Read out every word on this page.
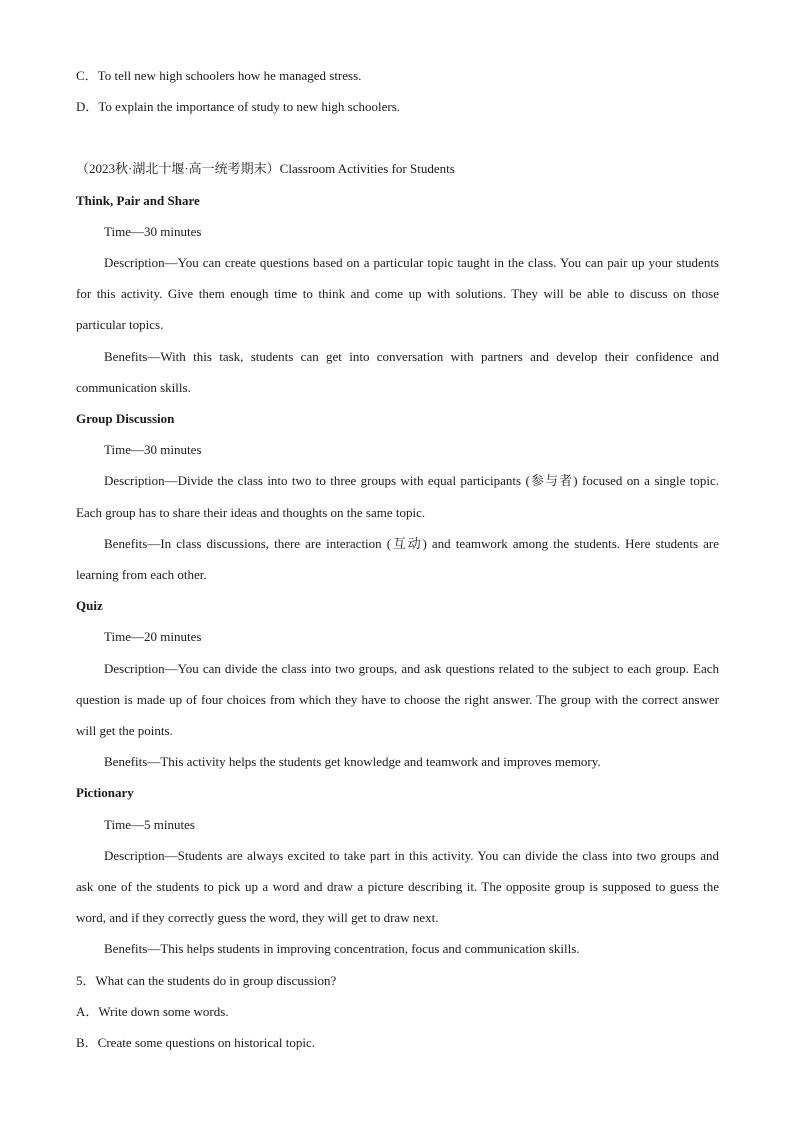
C．To tell new high schoolers how he managed stress.

D．To explain the importance of study to new high schoolers.

（2023秋·湖北十堰·高一统考期末）Classroom Activities for Students

Think, Pair and Share

Time—30 minutes

Description—You can create questions based on a particular topic taught in the class. You can pair up your students for this activity. Give them enough time to think and come up with solutions. They will be able to discuss on those particular topics.

Benefits—With this task, students can get into conversation with partners and develop their confidence and communication skills.

Group Discussion

Time—30 minutes

Description—Divide the class into two to three groups with equal participants (参与者) focused on a single topic. Each group has to share their ideas and thoughts on the same topic.

Benefits—In class discussions, there are interaction (互动) and teamwork among the students. Here students are learning from each other.

Quiz

Time—20 minutes

Description—You can divide the class into two groups, and ask questions related to the subject to each group. Each question is made up of four choices from which they have to choose the right answer. The group with the correct answer will get the points.

Benefits—This activity helps the students get knowledge and teamwork and improves memory.

Pictionary

Time—5 minutes

Description—Students are always excited to take part in this activity. You can divide the class into two groups and ask one of the students to pick up a word and draw a picture describing it. The opposite group is supposed to guess the word, and if they correctly guess the word, they will get to draw next.

Benefits—This helps students in improving concentration, focus and communication skills.

5．What can the students do in group discussion?

A．Write down some words.

B．Create some questions on historical topic.
